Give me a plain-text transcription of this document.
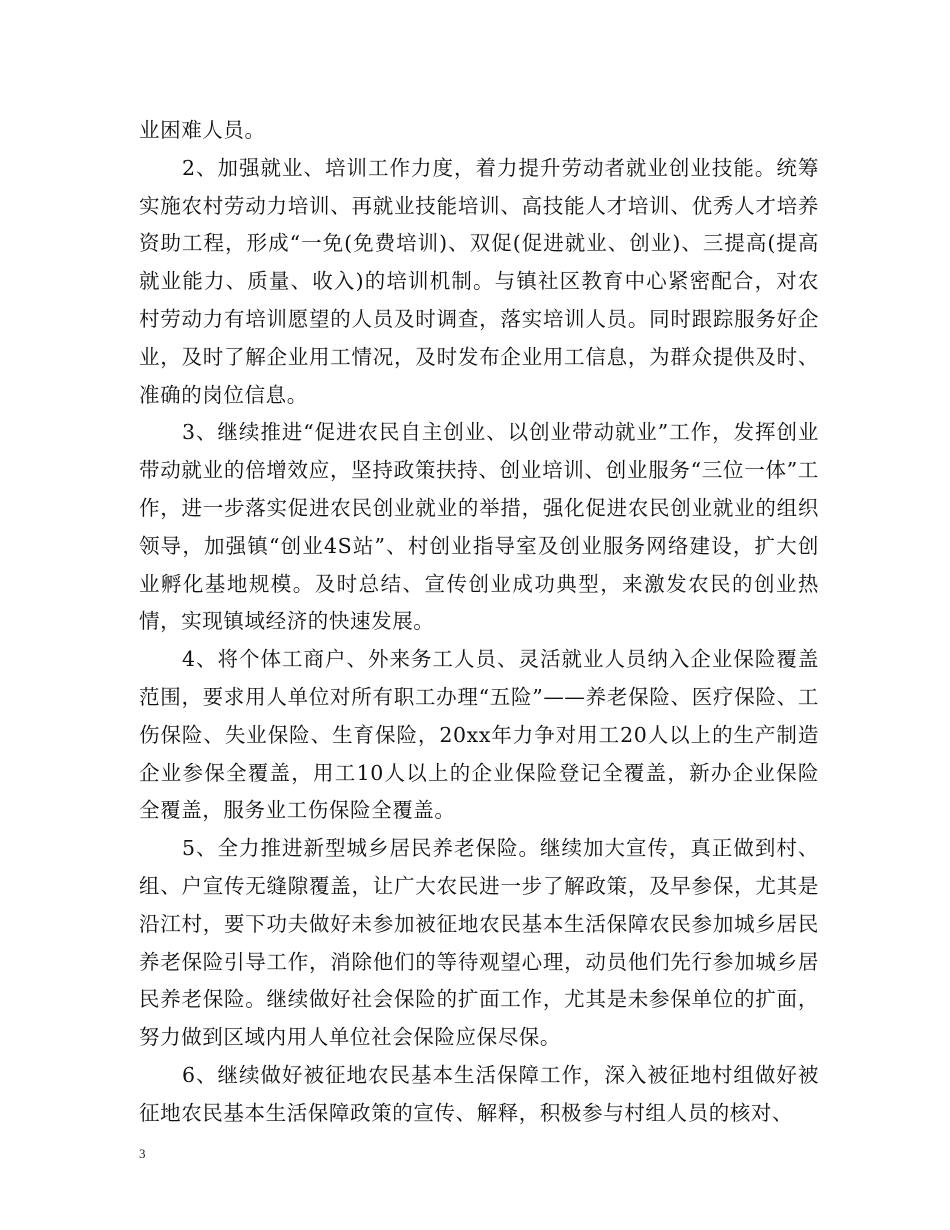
业困难人员。

2、加强就业、培训工作力度，着力提升劳动者就业创业技能。统筹实施农村劳动力培训、再就业技能培训、高技能人才培训、优秀人才培养资助工程，形成“一免(免费培训)、双促(促进就业、创业)、三提高(提高就业能力、质量、收入)的培训机制。与镇社区教育中心紧密配合，对农村劳动力有培训愿望的人员及时调查，落实培训人员。同时跟踪服务好企业，及时了解企业用工情况，及时发布企业用工信息，为群众提供及时、准确的岗位信息。

3、继续推进“促进农民自主创业、以创业带动就业”工作，发挥创业带动就业的倍增效应，坚持政策扶持、创业培训、创业服务“三位一体”工作，进一步落实促进农民创业就业的举措，强化促进农民创业就业的组织领导，加强镇“创业4S站”、村创业指导室及创业服务网络建设，扩大创业孵化基地规模。及时总结、宣传创业成功典型，来激发农民的创业热情，实现镇域经济的快速发展。

4、将个体工商户、外来务工人员、灵活就业人员纳入企业保险覆盖范围，要求用人单位对所有职工办理“五险”——养老保险、医疗保险、工伤保险、失业保险、生育保险，20xx年力争对用工20人以上的生产制造企业参保全覆盖，用工10人以上的企业保险登记全覆盖，新办企业保险全覆盖，服务业工伤保险全覆盖。

5、全力推进新型城乡居民养老保险。继续加大宣传，真正做到村、组、户宣传无缝隙覆盖，让广大农民进一步了解政策，及早参保，尤其是沿江村，要下功夫做好未参加被征地农民基本生活保障农民参加城乡居民养老保险引导工作，消除他们的等待观望心理，动员他们先行参加城乡居民养老保险。继续做好社会保险的扩面工作，尤其是未参保单位的扩面，努力做到区域内用人单位社会保险应保尽保。

6、继续做好被征地农民基本生活保障工作，深入被征地村组做好被征地农民基本生活保障政策的宣传、解释，积极参与村组人员的核对、

3
